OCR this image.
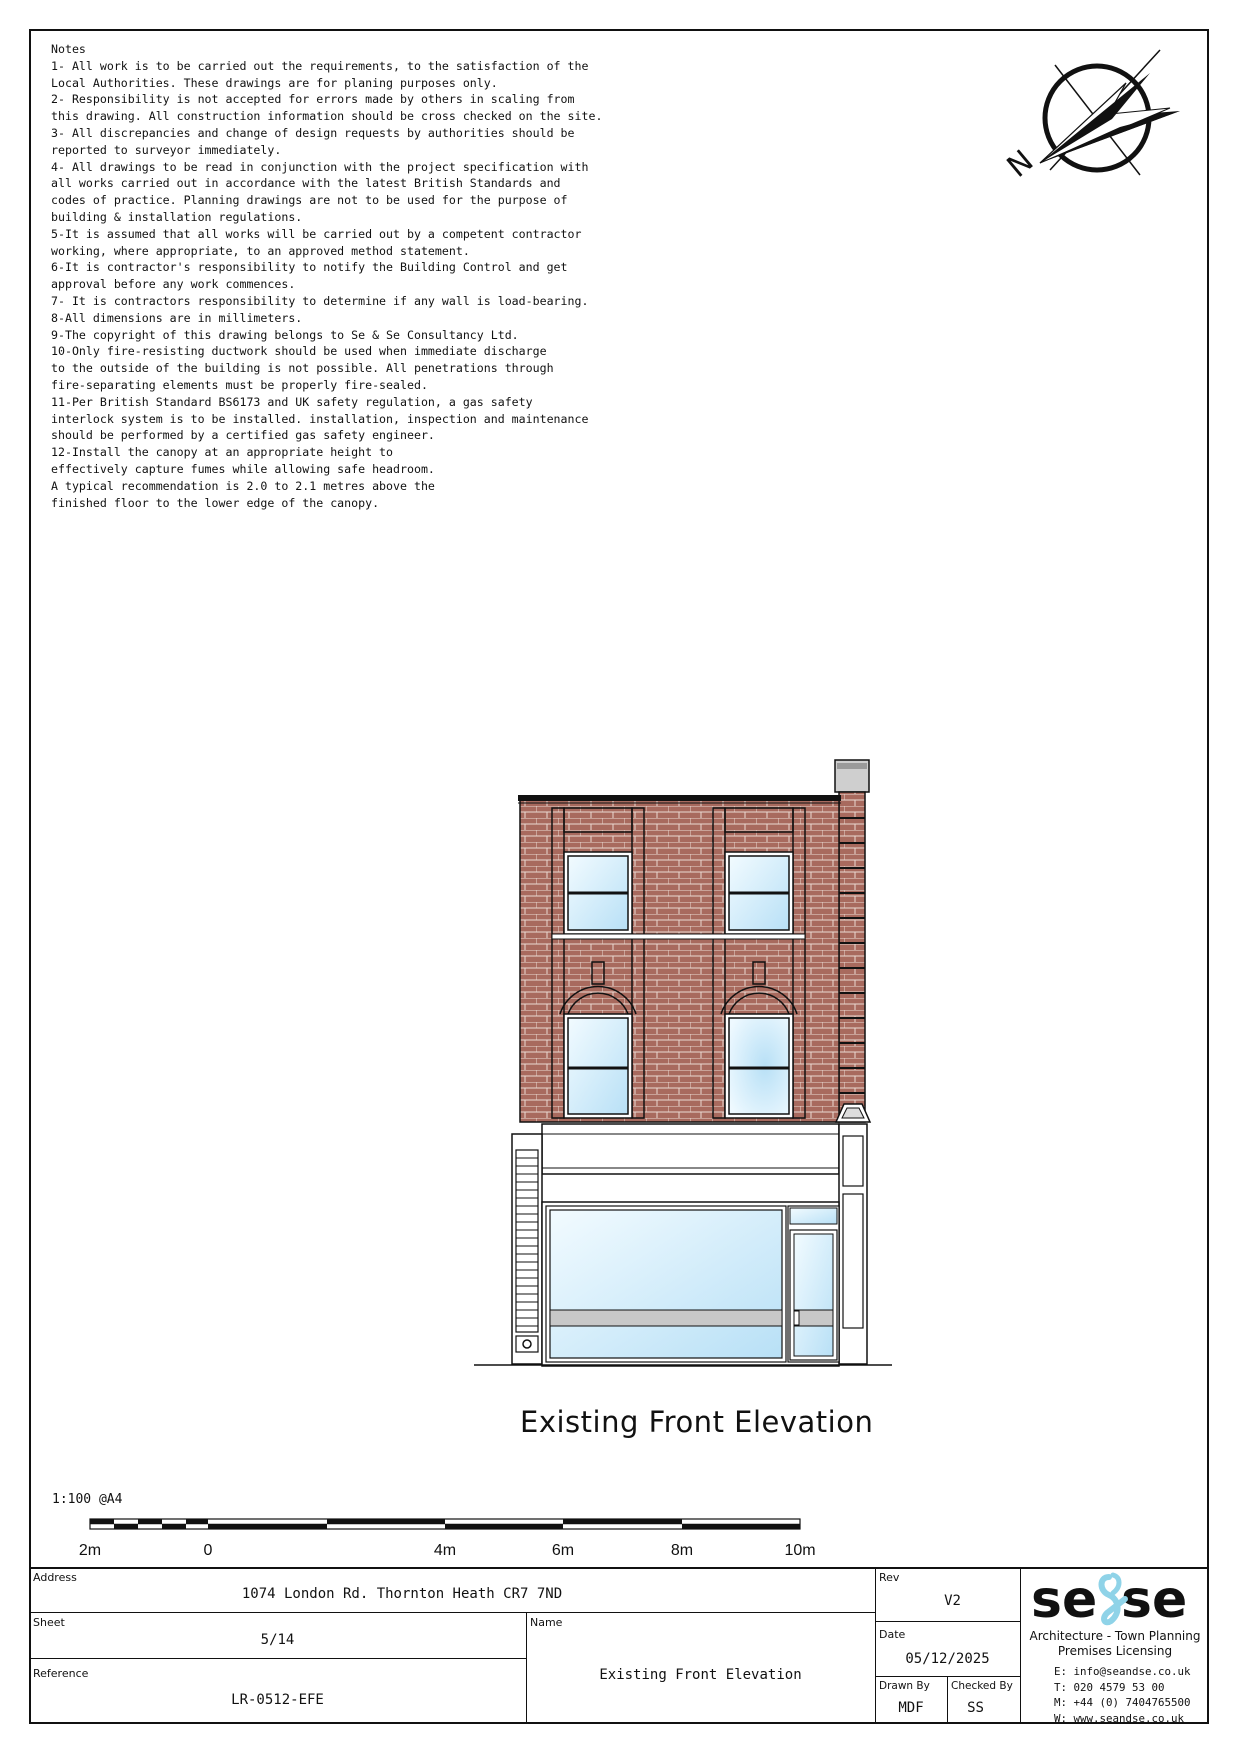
Notes
1- All work is to be carried out the requirements, to the satisfaction of the
Local Authorities. These drawings are for planing purposes only.
2- Responsibility is not accepted for errors made by others in scaling from
this drawing. All construction information should be cross checked on the site.
3- All discrepancies and change of design requests by authorities should be
reported to surveyor immediately.
4- All drawings to be read in conjunction with the project specification with
all works carried out in accordance with the latest British Standards and
codes of practice. Planning drawings are not to be used for the purpose of
building & installation regulations.
5-It is assumed that all works will be carried out by a competent contractor
working, where appropriate, to an approved method statement.
6-It is contractor's responsibility to notify the Building Control and get
approval before any work commences.
7- It is contractors responsibility to determine if any wall is load-bearing.
8-All dimensions are in millimeters.
9-The copyright of this drawing belongs to Se & Se Consultancy Ltd.
10-Only fire-resisting ductwork should be used when immediate discharge
to the outside of the building is not possible. All penetrations through
fire-separating elements must be properly fire-sealed.
11-Per British Standard BS6173 and UK safety regulation, a gas safety
interlock system is to be installed. installation, inspection and maintenance
should be performed by a certified gas safety engineer.
12-Install the canopy at an appropriate height to
effectively capture fumes while allowing safe headroom.
A typical recommendation is 2.0 to 2.1 metres above the
finished floor to the lower edge of the canopy.
N
Existing Front Elevation
1:100 @A4
2m	0	4m	6m	8m	10m
Address
1074 London Rd. Thornton Heath CR7 7ND
Sheet
5/14
Reference
LR-0512-EFE
Name
Existing Front Elevation
Rev
V2
Date
05/12/2025
Drawn By
MDF
Checked By
SS
se se
Architecture - Town Planning
Premises Licensing
E: info@seandse.co.uk
T: 020 4579 53 00
M: +44 (0) 7404765500
W: www.seandse.co.uk
